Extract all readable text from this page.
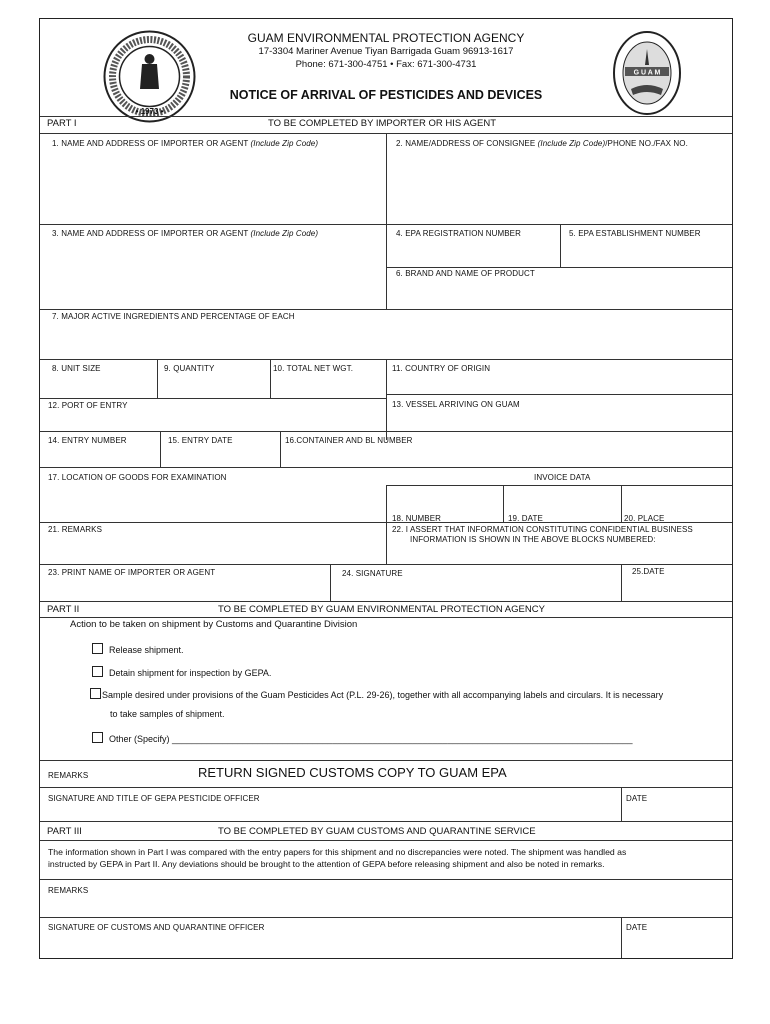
• 1973 •
G U A M
GUAM ENVIRONMENTAL PROTECTION AGENCY
17-3304 Mariner Avenue Tiyan Barrigada Guam 96913-1617
Phone: 671-300-4751 • Fax: 671-300-4731
NOTICE OF ARRIVAL OF PESTICIDES AND DEVICES
PART I	TO BE COMPLETED BY IMPORTER OR HIS AGENT
1. NAME AND ADDRESS OF IMPORTER OR AGENT (Include Zip Code)	2. NAME/ADDRESS OF CONSIGNEE (Include Zip Code)/PHONE NO./FAX NO.
3. NAME AND ADDRESS OF IMPORTER OR AGENT (Include Zip Code)	4. EPA REGISTRATION NUMBER	5. EPA ESTABLISHMENT NUMBER
6. BRAND AND NAME OF PRODUCT
7. MAJOR ACTIVE INGREDIENTS AND PERCENTAGE OF EACH
8. UNIT SIZE	9. QUANTITY	10. TOTAL NET WGT.	11. COUNTRY OF ORIGIN
12. PORT OF ENTRY	13. VESSEL ARRIVING ON GUAM
14. ENTRY NUMBER	15. ENTRY DATE	16.CONTAINER AND BL NUMBER
17. LOCATION OF GOODS FOR EXAMINATION	INVOICE DATA
18. NUMBER	19. DATE	20. PLACE
21. REMARKS	22. I ASSERT THAT INFORMATION CONSTITUTING CONFIDENTIAL BUSINESS
INFORMATION IS SHOWN IN THE ABOVE BLOCKS NUMBERED:
23. PRINT NAME OF IMPORTER OR AGENT	24. SIGNATURE	25.DATE
PART II	TO BE COMPLETED BY GUAM ENVIRONMENTAL PROTECTION AGENCY
Action to be taken on shipment by Customs and Quarantine Division
Release shipment.
Detain shipment for inspection by GEPA.
Sample desired under provisions of the Guam Pesticides Act (P.L. 29-26), together with all accompanying labels and circulars. It is necessary
to take samples of shipment.
Other (Specify) ____________________________________________________________________________________________
REMARKS	RETURN SIGNED CUSTOMS COPY TO GUAM EPA
SIGNATURE AND TITLE OF GEPA PESTICIDE OFFICER	DATE
PART III	TO BE COMPLETED BY GUAM CUSTOMS AND QUARANTINE SERVICE
The information shown in Part I was compared with the entry papers for this shipment and no discrepancies were noted. The shipment was handled as
instructed by GEPA in Part II. Any deviations should be brought to the attention of GEPA before releasing shipment and also be noted in remarks.
REMARKS
SIGNATURE OF CUSTOMS AND QUARANTINE OFFICER	DATE
